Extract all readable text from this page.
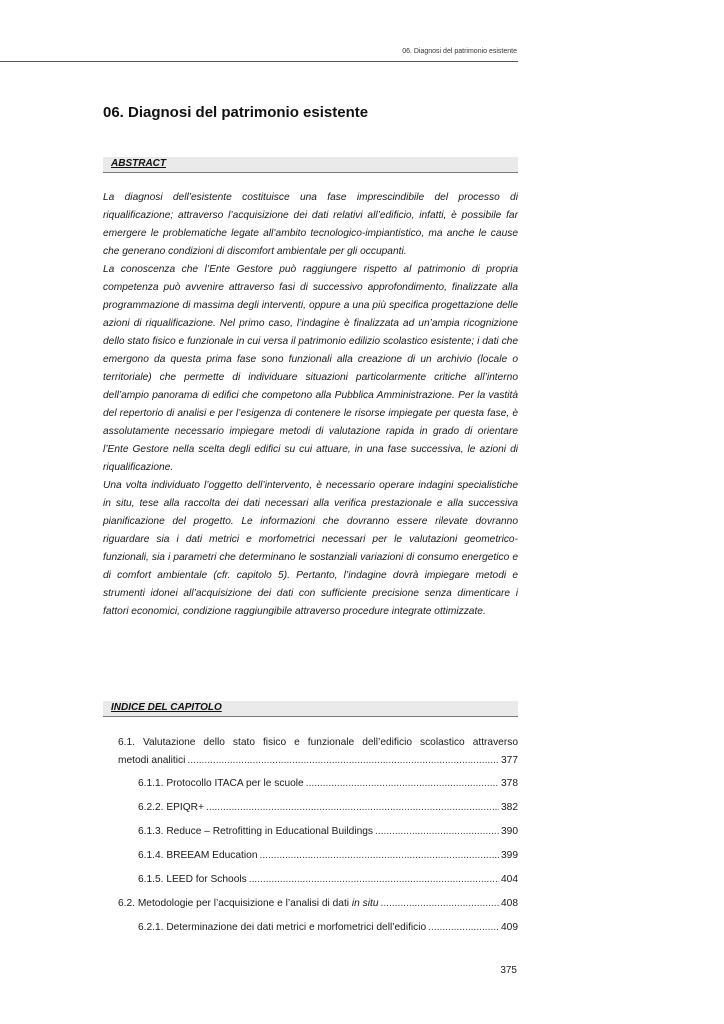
06. Diagnosi del patrimonio esistente
06. Diagnosi del patrimonio esistente
ABSTRACT

La diagnosi dell’esistente costituisce una fase imprescindibile del processo di riqualificazione; attraverso l’acquisizione dei dati relativi all’edificio, infatti, è possibile far emergere le problematiche legate all’ambito tecnologico-impiantistico, ma anche le cause che generano condizioni di discomfort ambientale per gli occupanti.

La conoscenza che l’Ente Gestore può raggiungere rispetto al patrimonio di propria competenza può avvenire attraverso fasi di successivo approfondimento, finalizzate alla programmazione di massima degli interventi, oppure a una più specifica progettazione delle azioni di riqualificazione. Nel primo caso, l’indagine è finalizzata ad un’ampia ricognizione dello stato fisico e funzionale in cui versa il patrimonio edilizio scolastico esistente; i dati che emergono da questa prima fase sono funzionali alla creazione di un archivio (locale o territoriale) che permette di individuare situazioni particolarmente critiche all’interno dell’ampio panorama di edifici che competono alla Pubblica Amministrazione. Per la vastità del repertorio di analisi e per l’esigenza di contenere le risorse impiegate per questa fase, è assolutamente necessario impiegare metodi di valutazione rapida in grado di orientare l’Ente Gestore nella scelta degli edifici su cui attuare, in una fase successiva, le azioni di riqualificazione.

Una volta individuato l’oggetto dell’intervento, è necessario operare indagini specialistiche in situ, tese alla raccolta dei dati necessari alla verifica prestazionale e alla successiva pianificazione del progetto. Le informazioni che dovranno essere rilevate dovranno riguardare sia i dati metrici e morfometrici necessari per le valutazioni geometrico-funzionali, sia i parametri che determinano le sostanziali variazioni di consumo energetico e di comfort ambientale (cfr. capitolo 5). Pertanto, l’indagine dovrà impiegare metodi e strumenti idonei all’acquisizione dei dati con sufficiente precisione senza dimenticare i fattori economici, condizione raggiungibile attraverso procedure integrate ottimizzate.

INDICE DEL CAPITOLO
6.1. Valutazione dello stato fisico e funzionale dell’edificio scolastico attraverso
metodi analitici .....	377
6.1.1. Protocollo ITACA per le scuole .....	378
6.2.2. EPIQR+ .....	382
6.1.3. Reduce – Retrofitting in Educational Buildings .....	390
6.1.4. BREEAM Education .....	399
6.1.5. LEED for Schools .....	404
6.2. Metodologie per l’acquisizione e l’analisi di dati in situ .....	408
6.2.1. Determinazione dei dati metrici e morfometrici dell’edificio .....	409
375
